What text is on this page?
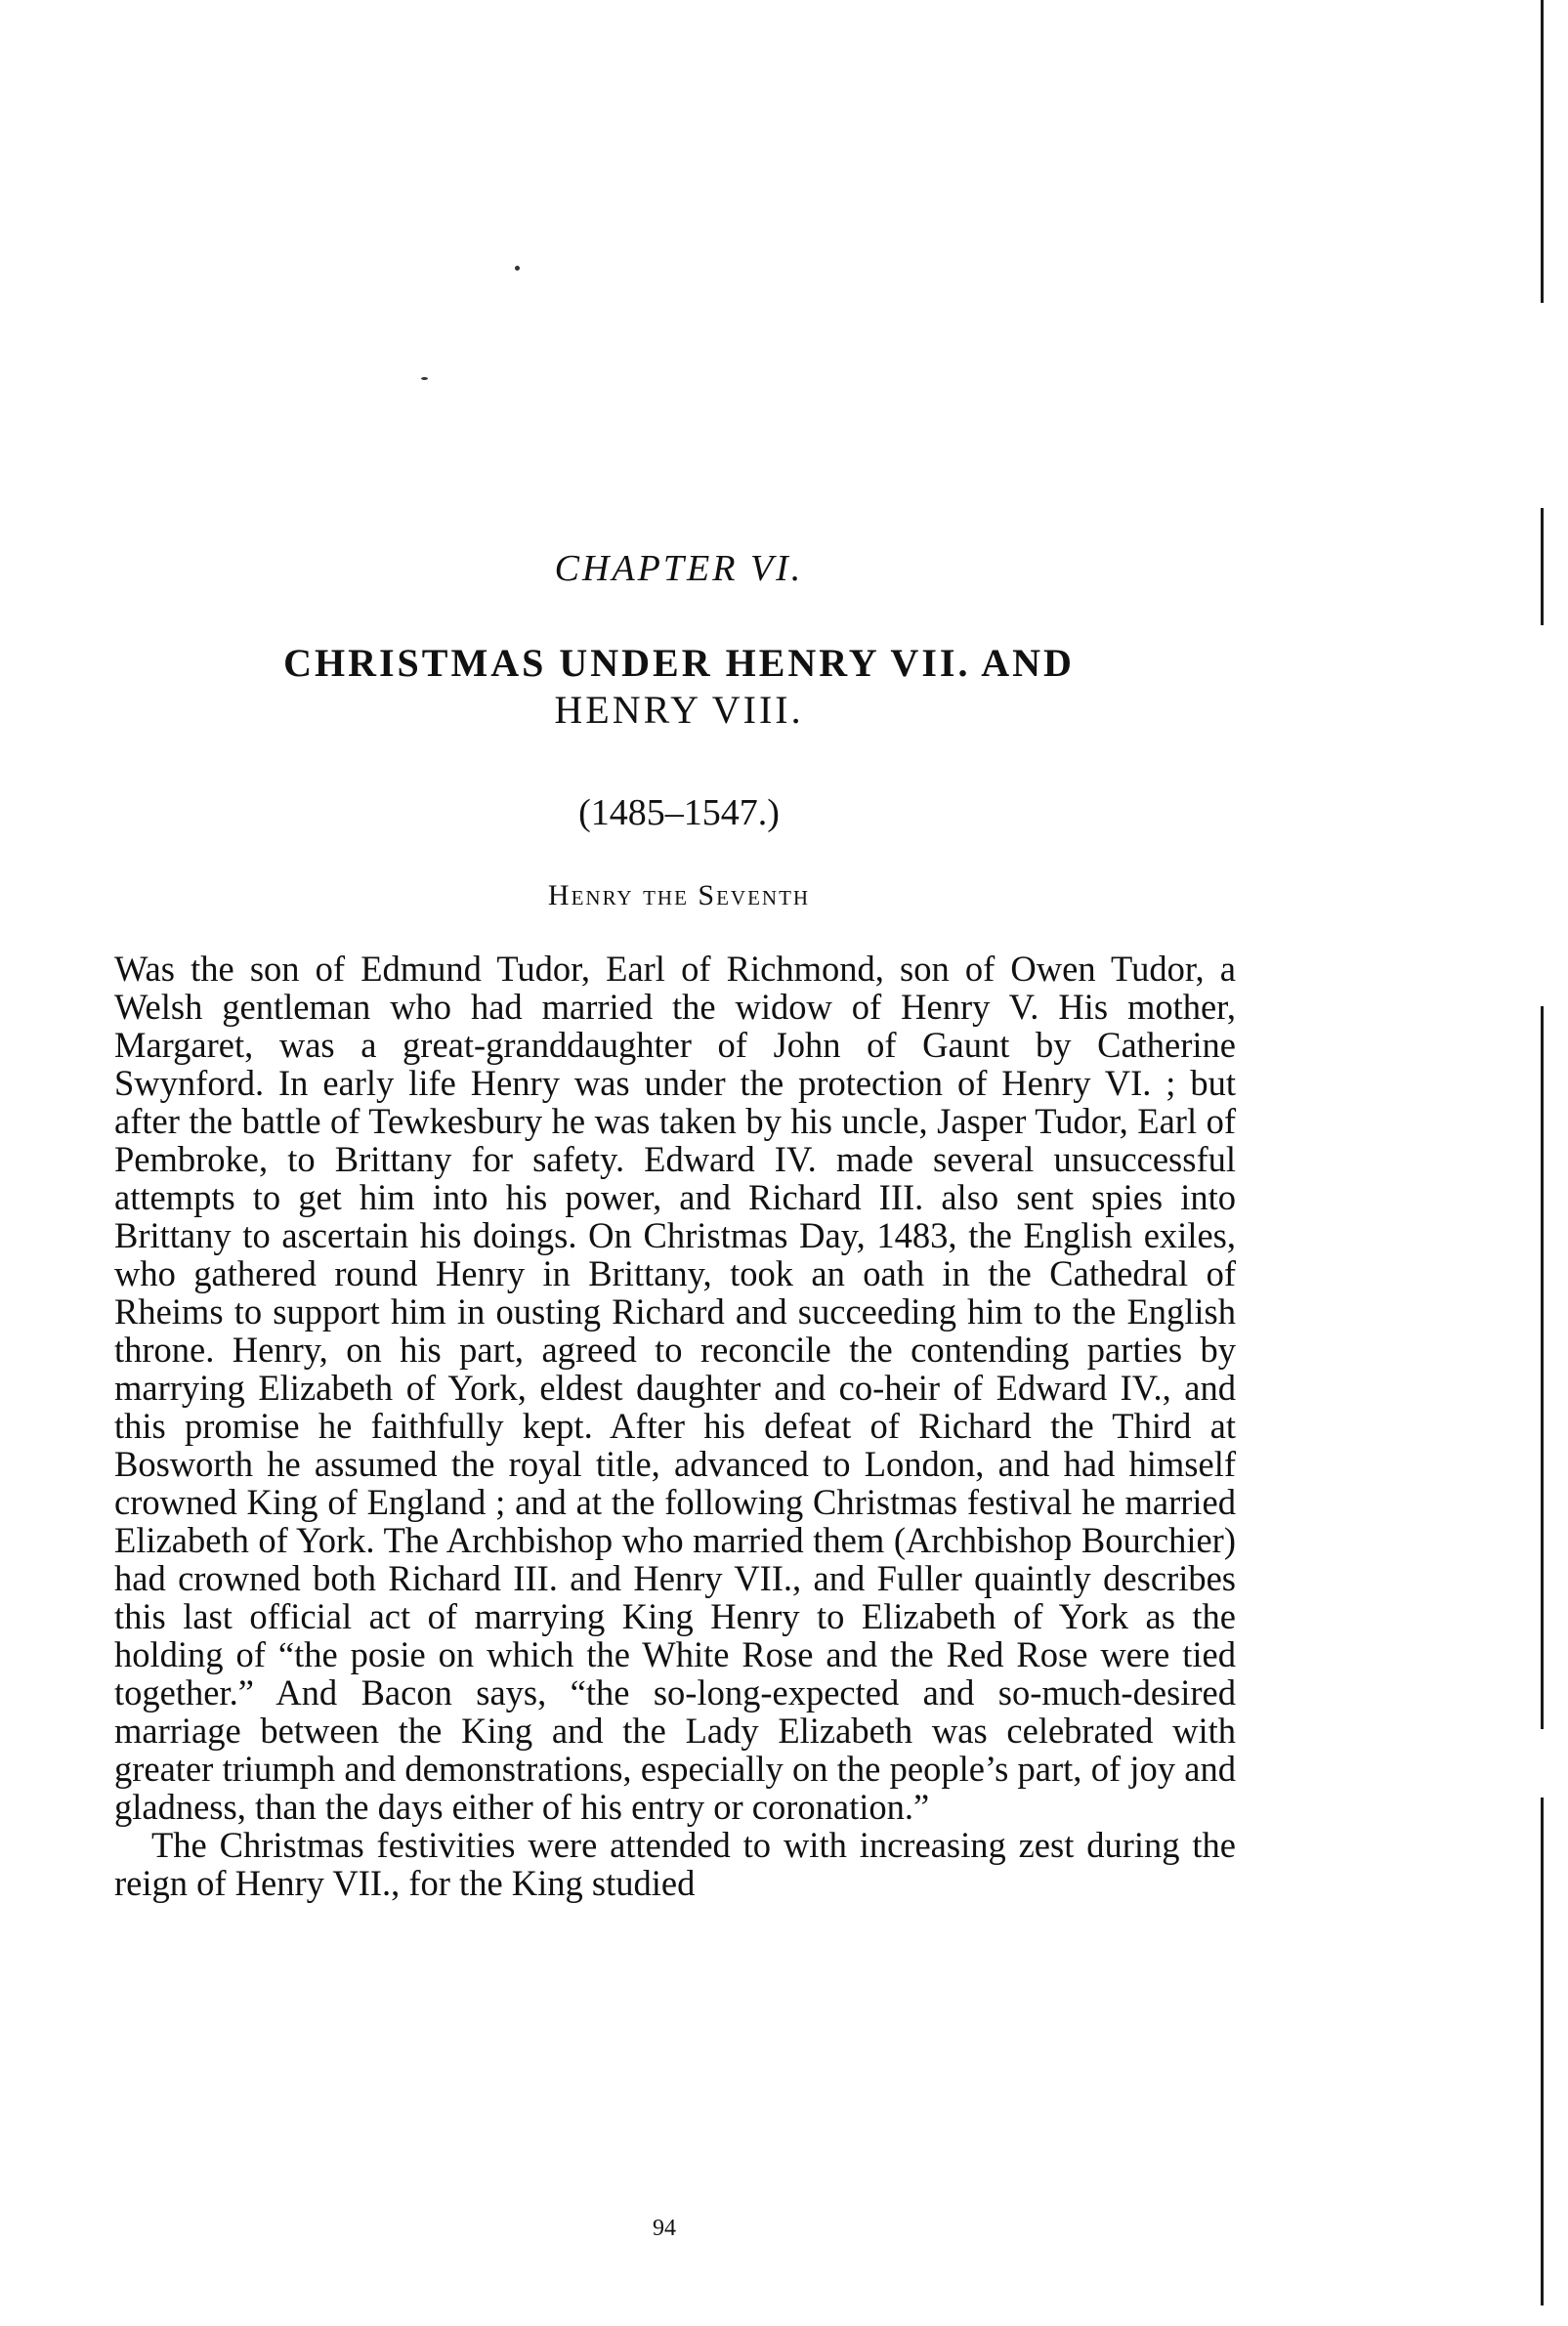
CHAPTER VI.
CHRISTMAS UNDER HENRY VII. AND
HENRY VIII.
(1485–1547.)
Henry the Seventh

Was the son of Edmund Tudor, Earl of Richmond, son of Owen Tudor, a Welsh gentleman who had married the widow of Henry V. His mother, Margaret, was a great-granddaughter of John of Gaunt by Catherine Swynford. In early life Henry was under the protection of Henry VI. ; but after the battle of Tewkesbury he was taken by his uncle, Jasper Tudor, Earl of Pembroke, to Brittany for safety. Edward IV. made several unsuccessful attempts to get him into his power, and Richard III. also sent spies into Brittany to ascertain his doings. On Christmas Day, 1483, the English exiles, who gathered round Henry in Brittany, took an oath in the Cathedral of Rheims to support him in ousting Richard and succeeding him to the English throne. Henry, on his part, agreed to reconcile the contending parties by marrying Elizabeth of York, eldest daughter and co-heir of Edward IV., and this promise he faithfully kept. After his defeat of Richard the Third at Bosworth he assumed the royal title, advanced to London, and had himself crowned King of England ; and at the following Christmas festival he married Elizabeth of York. The Archbishop who married them (Archbishop Bourchier) had crowned both Richard III. and Henry VII., and Fuller quaintly describes this last official act of marrying King Henry to Elizabeth of York as the holding of “the posie on which the White Rose and the Red Rose were tied together.” And Bacon says, “the so-long-expected and so-much-desired marriage between the King and the Lady Elizabeth was celebrated with greater triumph and demonstrations, especially on the people’s part, of joy and gladness, than the days either of his entry or coronation.”

The Christmas festivities were attended to with increasing zest during the reign of Henry VII., for the King studied

94
